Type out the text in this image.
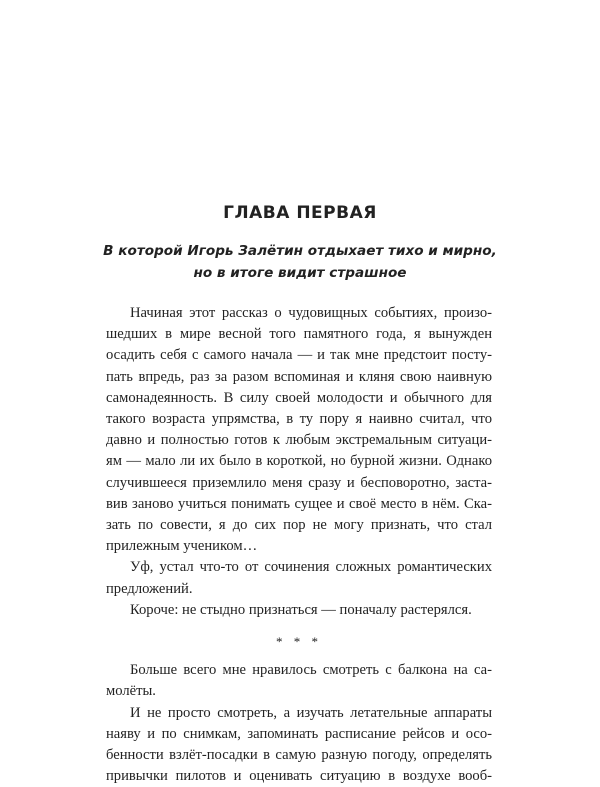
ГЛАВА ПЕРВАЯ
В которой Игорь Залётин отдыхает тихо и мирно,
но в итоге видит страшное

Начиная этот рассказ о чудовищных событиях, произо-
шедших в мире весной того памятного года, я вынужден
осадить себя с самого начала — и так мне предстоит посту-
пать впредь, раз за разом вспоминая и кляня свою наивную
самонадеянность. В силу своей молодости и обычного для
такого возраста упрямства, в ту пору я наивно считал, что
давно и полностью готов к любым экстремальным ситуаци-
ям — мало ли их было в короткой, но бурной жизни. Однако
случившееся приземлило меня сразу и бесповоротно, заста-
вив заново учиться понимать сущее и своё место в нём. Ска-
зать по совести, я до сих пор не могу признать, что стал
прилежным учеником…

Уф, устал что-то от сочинения сложных романтических
предложений.

Короче: не стыдно признаться — поначалу растерялся.

* * *

Больше всего мне нравилось смотреть с балкона на са-
молёты.

И не просто смотреть, а изучать летательные аппараты
наяву и по снимкам, запоминать расписание рейсов и осо-
бенности взлёт-посадки в самую разную погоду, определять
привычки пилотов и оценивать ситуацию в воздухе вооб-
